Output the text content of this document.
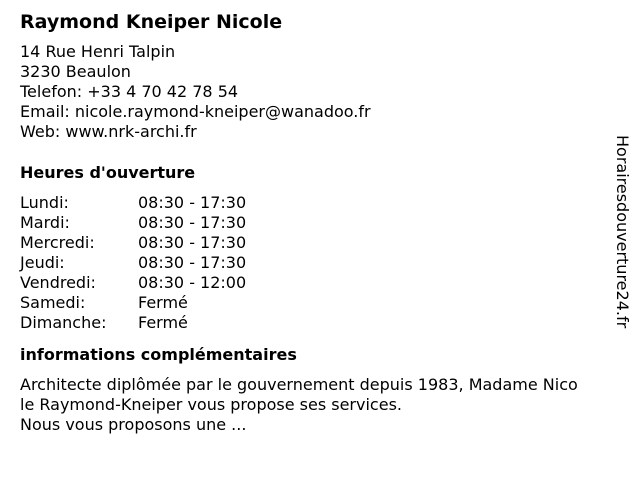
Raymond Kneiper Nicole
14 Rue Henri Talpin
3230 Beaulon
Telefon: +33 4 70 42 78 54
Email: nicole.raymond-kneiper@wanadoo.fr
Web: www.nrk-archi.fr
Heures d'ouverture
Lundi:	08:30 - 17:30
Mardi:	08:30 - 17:30
Mercredi:	08:30 - 17:30
Jeudi:	08:30 - 17:30
Vendredi:	08:30 - 12:00
Samedi:	Fermé
Dimanche:	Fermé
informations complémentaires
Architecte diplômée par le gouvernement depuis 1983, Madame Nico
le Raymond-Kneiper vous propose ses services.
Nous vous proposons une ...
Horairesdouverture24.fr
